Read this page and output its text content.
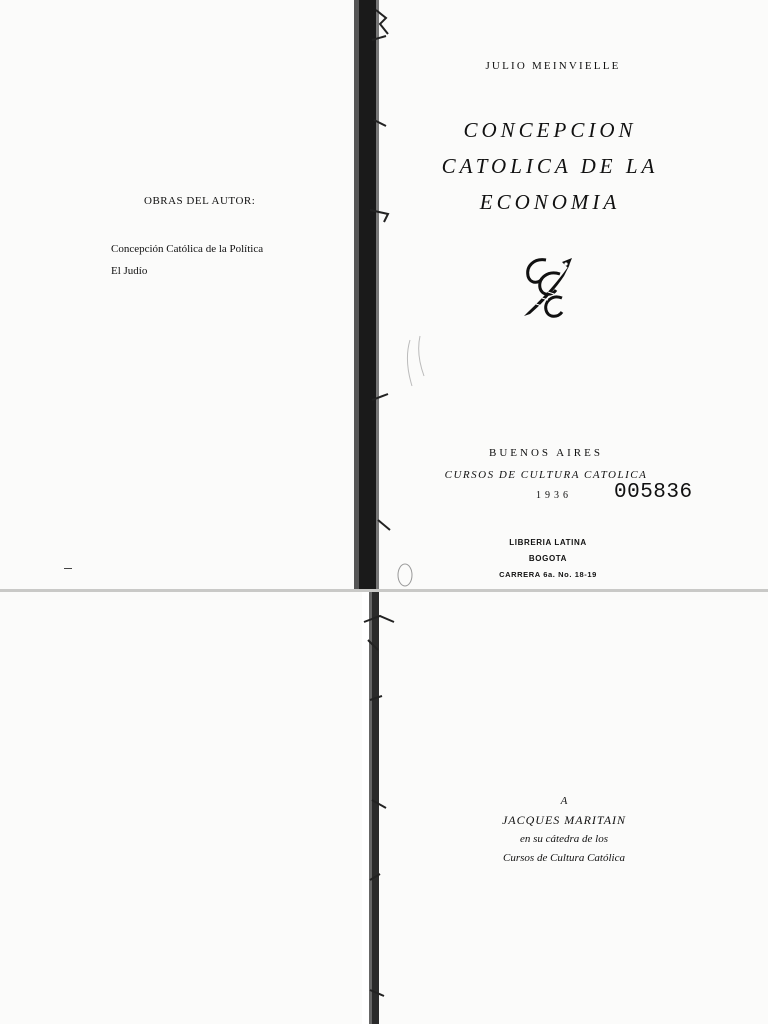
OBRAS DEL AUTOR:
Concepción Católica de la Política
El Judío
JULIO MEINVIELLE
CONCEPCION
CATOLICA DE LA
ECONOMIA
BUENOS AIRES
CURSOS DE CULTURA CATOLICA
1936 005836
LIBRERIA LATINA
BOGOTA
CARRERA 6a. No. 18-19
A
JACQUES MARITAIN
en su cátedra de los
Cursos de Cultura Católica
